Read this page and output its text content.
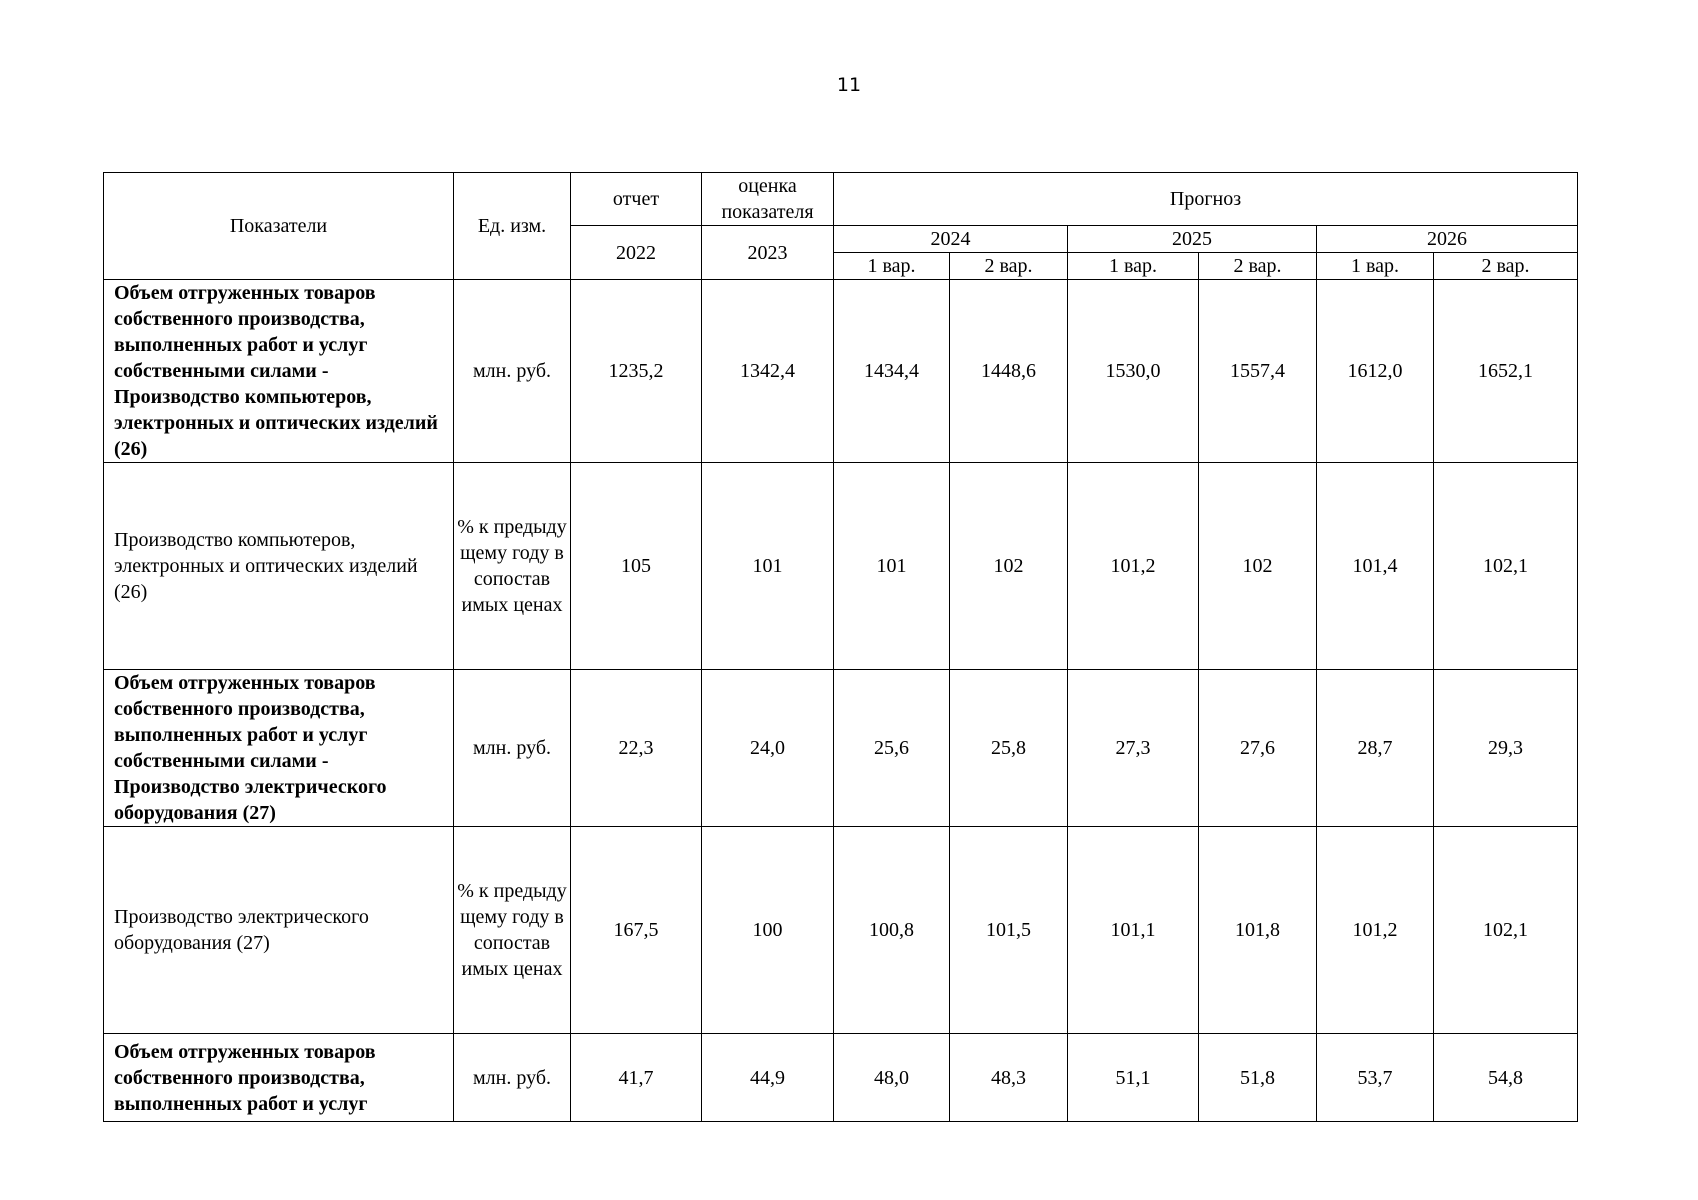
11
Показатели	Ед. изм.	отчет	оценка показателя	Прогноз					
		2022	2023	2024		2025		2026	
				1 вар.	2 вар.	1 вар.	2 вар.	1 вар.	2 вар.
Объем отгруженных товаров собственного производства, выполненных работ и услуг собственными силами - Производство компьютеров, электронных и оптических изделий (26)	млн. руб.	1235,2	1342,4	1434,4	1448,6	1530,0	1557,4	1612,0	1652,1
Производство компьютеров, электронных и оптических изделий (26)	% к предыду щему году в сопостав имых ценах	105	101	101	102	101,2	102	101,4	102,1
Объем отгруженных товаров собственного производства, выполненных работ и услуг собственными силами - Производство электрического оборудования (27)	млн. руб.	22,3	24,0	25,6	25,8	27,3	27,6	28,7	29,3
Производство электрического оборудования (27)	% к предыду щему году в сопостав имых ценах	167,5	100	100,8	101,5	101,1	101,8	101,2	102,1
Объем отгруженных товаров собственного производства, выполненных работ и услуг	млн. руб.	41,7	44,9	48,0	48,3	51,1	51,8	53,7	54,8
